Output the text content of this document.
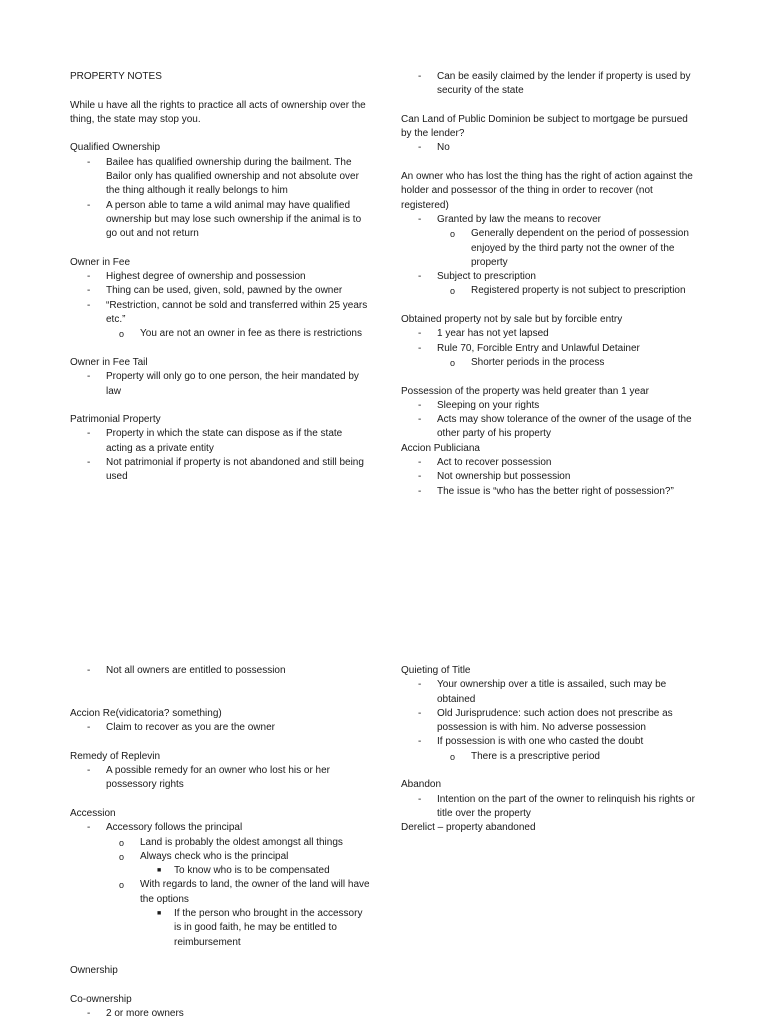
PROPERTY NOTES

While u have all the rights to practice all acts of ownership over the thing, the state may stop you.

Qualified Ownership

- Bailee has qualified ownership during the bailment. The Bailor only has qualified ownership and not absolute over the thing although it really belongs to him
- A person able to tame a wild animal may have qualified ownership but may lose such ownership if the animal is to go out and not return

Owner in Fee

- Highest degree of ownership and possession
- Thing can be used, given, sold, pawned by the owner
- “Restriction, cannot be sold and transferred within 25 years etc.”
o You are not an owner in fee as there is restrictions

Owner in Fee Tail

- Property will only go to one person, the heir mandated by law

Patrimonial Property

- Property in which the state can dispose as if the state acting as a private entity
- Not patrimonial if property is not abandoned and still being used
- Can be easily claimed by the lender if property is used by security of the state

Can Land of Public Dominion be subject to mortgage be pursued by the lender?

- No

An owner who has lost the thing has the right of action against the holder and possessor of the thing in order to recover (not registered)

- Granted by law the means to recover
o Generally dependent on the period of possession enjoyed by the third party not the owner of the property
- Subject to prescription
o Registered property is not subject to prescription

Obtained property not by sale but by forcible entry

- 1 year has not yet lapsed
- Rule 70, Forcible Entry and Unlawful Detainer
o Shorter periods in the process

Possession of the property was held greater than 1 year

- Sleeping on your rights
- Acts may show tolerance of the owner of the usage of the other party of his property

Accion Publiciana

- Act to recover possession
- Not ownership but possession
- The issue is “who has the better right of possession?”
- Not all owners are entitled to possession

Accion Re(vidicatoria? something)

- Claim to recover as you are the owner

Remedy of Replevin

- A possible remedy for an owner who lost his or her possessory rights

Accession

- Accessory follows the principal
o Land is probably the oldest amongst all things
o Always check who is the principal
■ To know who is to be compensated
o With regards to land, the owner of the land will have the options
■ If the person who brought in the accessory is in good faith, he may be entitled to reimbursement

Ownership

Co-ownership

- 2 or more owners

Quieting of Title

- Your ownership over a title is assailed, such may be obtained
- Old Jurisprudence: such action does not prescribe as possession is with him. No adverse possession
- If possession is with one who casted the doubt
o There is a prescriptive period

Abandon

- Intention on the part of the owner to relinquish his rights or title over the property

Derelict – property abandoned
